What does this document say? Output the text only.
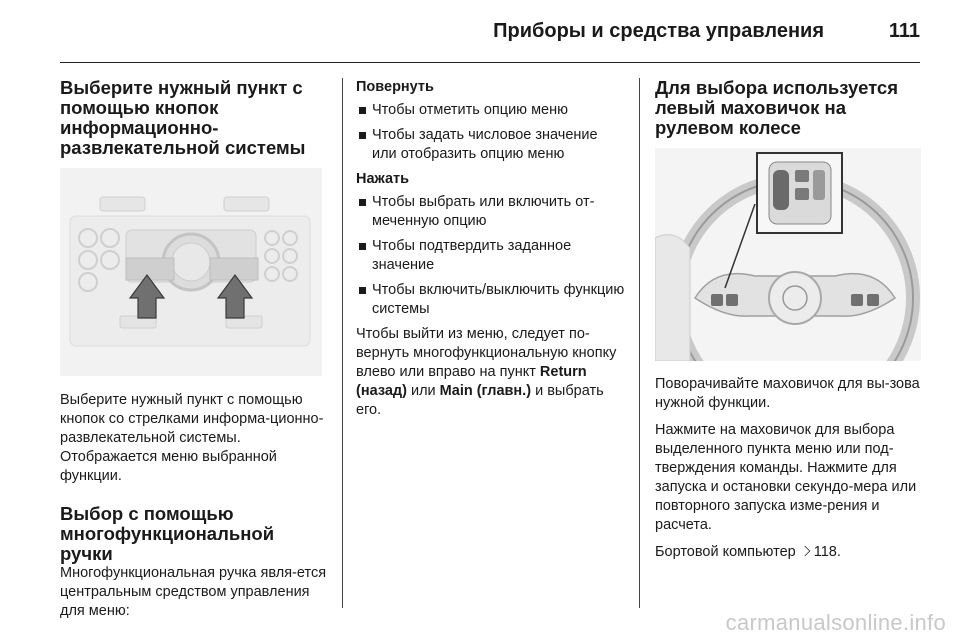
Приборы и средства управления	111
Выберите нужный пункт с помощью кнопок информационно-развлекательной системы

Выберите нужный пункт с помощью кнопок со стрелками информа-ционно-развлекательной системы. Отображается меню выбранной функции.

Выбор с помощью многофункциональной ручки

Многофункциональная ручка явля-ется центральным средством управления для меню:

Повернуть
Чтобы отметить опцию меню
Чтобы задать числовое значение или отобразить опцию меню
Нажать
Чтобы выбрать или включить от-меченную опцию
Чтобы подтвердить заданное значение
Чтобы включить/выключить функцию системы

Чтобы выйти из меню, следует по-вернуть многофункциональную кнопку влево или вправо на пункт Return (назад) или Main (главн.) и выбрать его.

Для выбора используется левый маховичок на рулевом колесе

Поворачивайте маховичок для вы-зова нужной функции.

Нажмите на маховичок для выбора выделенного пункта меню или под-тверждения команды. Нажмите для запуска и остановки секундо-мера или повторного запуска изме-рения и расчета.

Бортовой компьютер 118.

carmanualsonline.info
